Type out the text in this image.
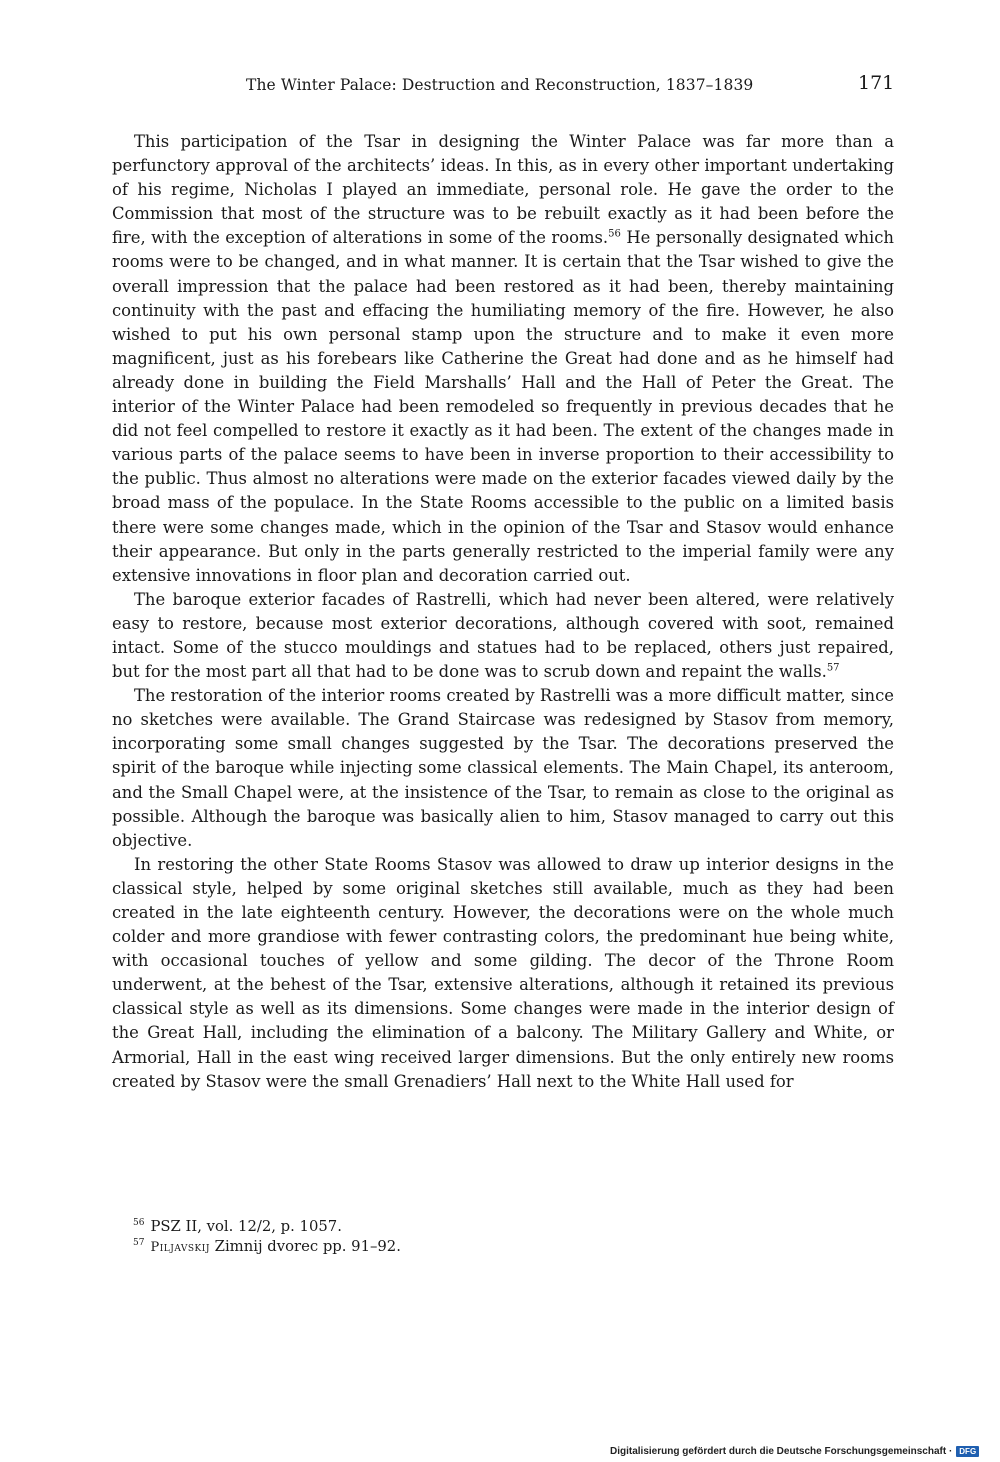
The Winter Palace: Destruction and Reconstruction, 1837–1839	171

This participation of the Tsar in designing the Winter Palace was far more than a perfunctory approval of the architects’ ideas. In this, as in every other important undertaking of his regime, Nicholas I played an immediate, personal role. He gave the order to the Commission that most of the structure was to be rebuilt exactly as it had been before the fire, with the exception of alterations in some of the rooms.$^{56}$ He personally designated which rooms were to be changed, and in what manner. It is certain that the Tsar wished to give the overall impression that the palace had been restored as it had been, thereby maintaining continuity with the past and effacing the humiliating memory of the fire. However, he also wished to put his own personal stamp upon the structure and to make it even more magnificent, just as his forebears like Catherine the Great had done and as he himself had already done in building the Field Marshalls’ Hall and the Hall of Peter the Great. The interior of the Winter Palace had been remodeled so frequently in previous decades that he did not feel compelled to restore it exactly as it had been. The extent of the changes made in various parts of the palace seems to have been in inverse proportion to their accessibility to the public. Thus almost no alterations were made on the exterior facades viewed daily by the broad mass of the populace. In the State Rooms accessible to the public on a limited basis there were some changes made, which in the opinion of the Tsar and Stasov would enhance their appearance. But only in the parts generally restricted to the imperial family were any extensive innovations in floor plan and decoration carried out.

The baroque exterior facades of Rastrelli, which had never been altered, were relatively easy to restore, because most exterior decorations, although covered with soot, remained intact. Some of the stucco mouldings and statues had to be replaced, others just repaired, but for the most part all that had to be done was to scrub down and repaint the walls.$^{57}$

The restoration of the interior rooms created by Rastrelli was a more difficult matter, since no sketches were available. The Grand Staircase was redesigned by Stasov from memory, incorporating some small changes suggested by the Tsar. The decorations preserved the spirit of the baroque while injecting some classical elements. The Main Chapel, its anteroom, and the Small Chapel were, at the insistence of the Tsar, to remain as close to the original as possible. Although the baroque was basically alien to him, Stasov managed to carry out this objective.

In restoring the other State Rooms Stasov was allowed to draw up interior designs in the classical style, helped by some original sketches still available, much as they had been created in the late eighteenth century. However, the decorations were on the whole much colder and more grandiose with fewer contrasting colors, the predominant hue being white, with occasional touches of yellow and some gilding. The decor of the Throne Room underwent, at the behest of the Tsar, extensive alterations, although it retained its previous classical style as well as its dimensions. Some changes were made in the interior design of the Great Hall, including the elimination of a balcony. The Military Gallery and White, or Armorial, Hall in the east wing received larger dimensions. But the only entirely new rooms created by Stasov were the small Grenadiers’ Hall next to the White Hall used for

$^{56}$ PSZ II, vol. 12/2, p. 1057.
$^{57}$ Piljavskij Zimnij dvorec pp. 91–92.
Digitalisierung gefördert durch die Deutsche Forschungsgemeinschaft · DFG
